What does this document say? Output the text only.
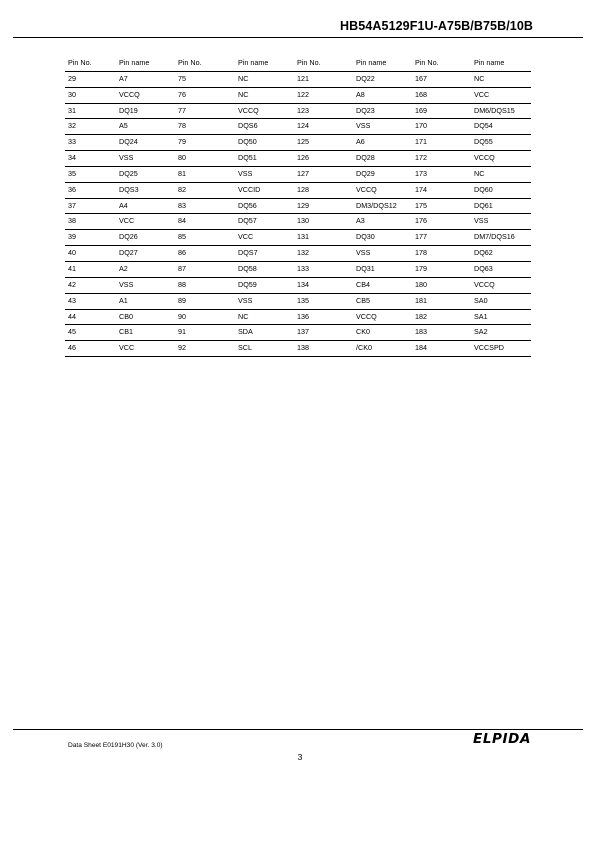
HB54A5129F1U-A75B/B75B/10B
Pin No.	Pin name	Pin No.	Pin name	Pin No.	Pin name	Pin No.	Pin name
29	A7	75	NC	121	DQ22	167	NC
30	VCCQ	76	NC	122	A8	168	VCC
31	DQ19	77	VCCQ	123	DQ23	169	DM6/DQS15
32	A5	78	DQS6	124	VSS	170	DQ54
33	DQ24	79	DQ50	125	A6	171	DQ55
34	VSS	80	DQ51	126	DQ28	172	VCCQ
35	DQ25	81	VSS	127	DQ29	173	NC
36	DQS3	82	VCCID	128	VCCQ	174	DQ60
37	A4	83	DQ56	129	DM3/DQS12	175	DQ61
38	VCC	84	DQ57	130	A3	176	VSS
39	DQ26	85	VCC	131	DQ30	177	DM7/DQS16
40	DQ27	86	DQS7	132	VSS	178	DQ62
41	A2	87	DQ58	133	DQ31	179	DQ63
42	VSS	88	DQ59	134	CB4	180	VCCQ
43	A1	89	VSS	135	CB5	181	SA0
44	CB0	90	NC	136	VCCQ	182	SA1
45	CB1	91	SDA	137	CK0	183	SA2
46	VCC	92	SCL	138	/CK0	184	VCCSPD
Data Sheet E0191H30 (Ver. 3.0)	ELPIDA
3
